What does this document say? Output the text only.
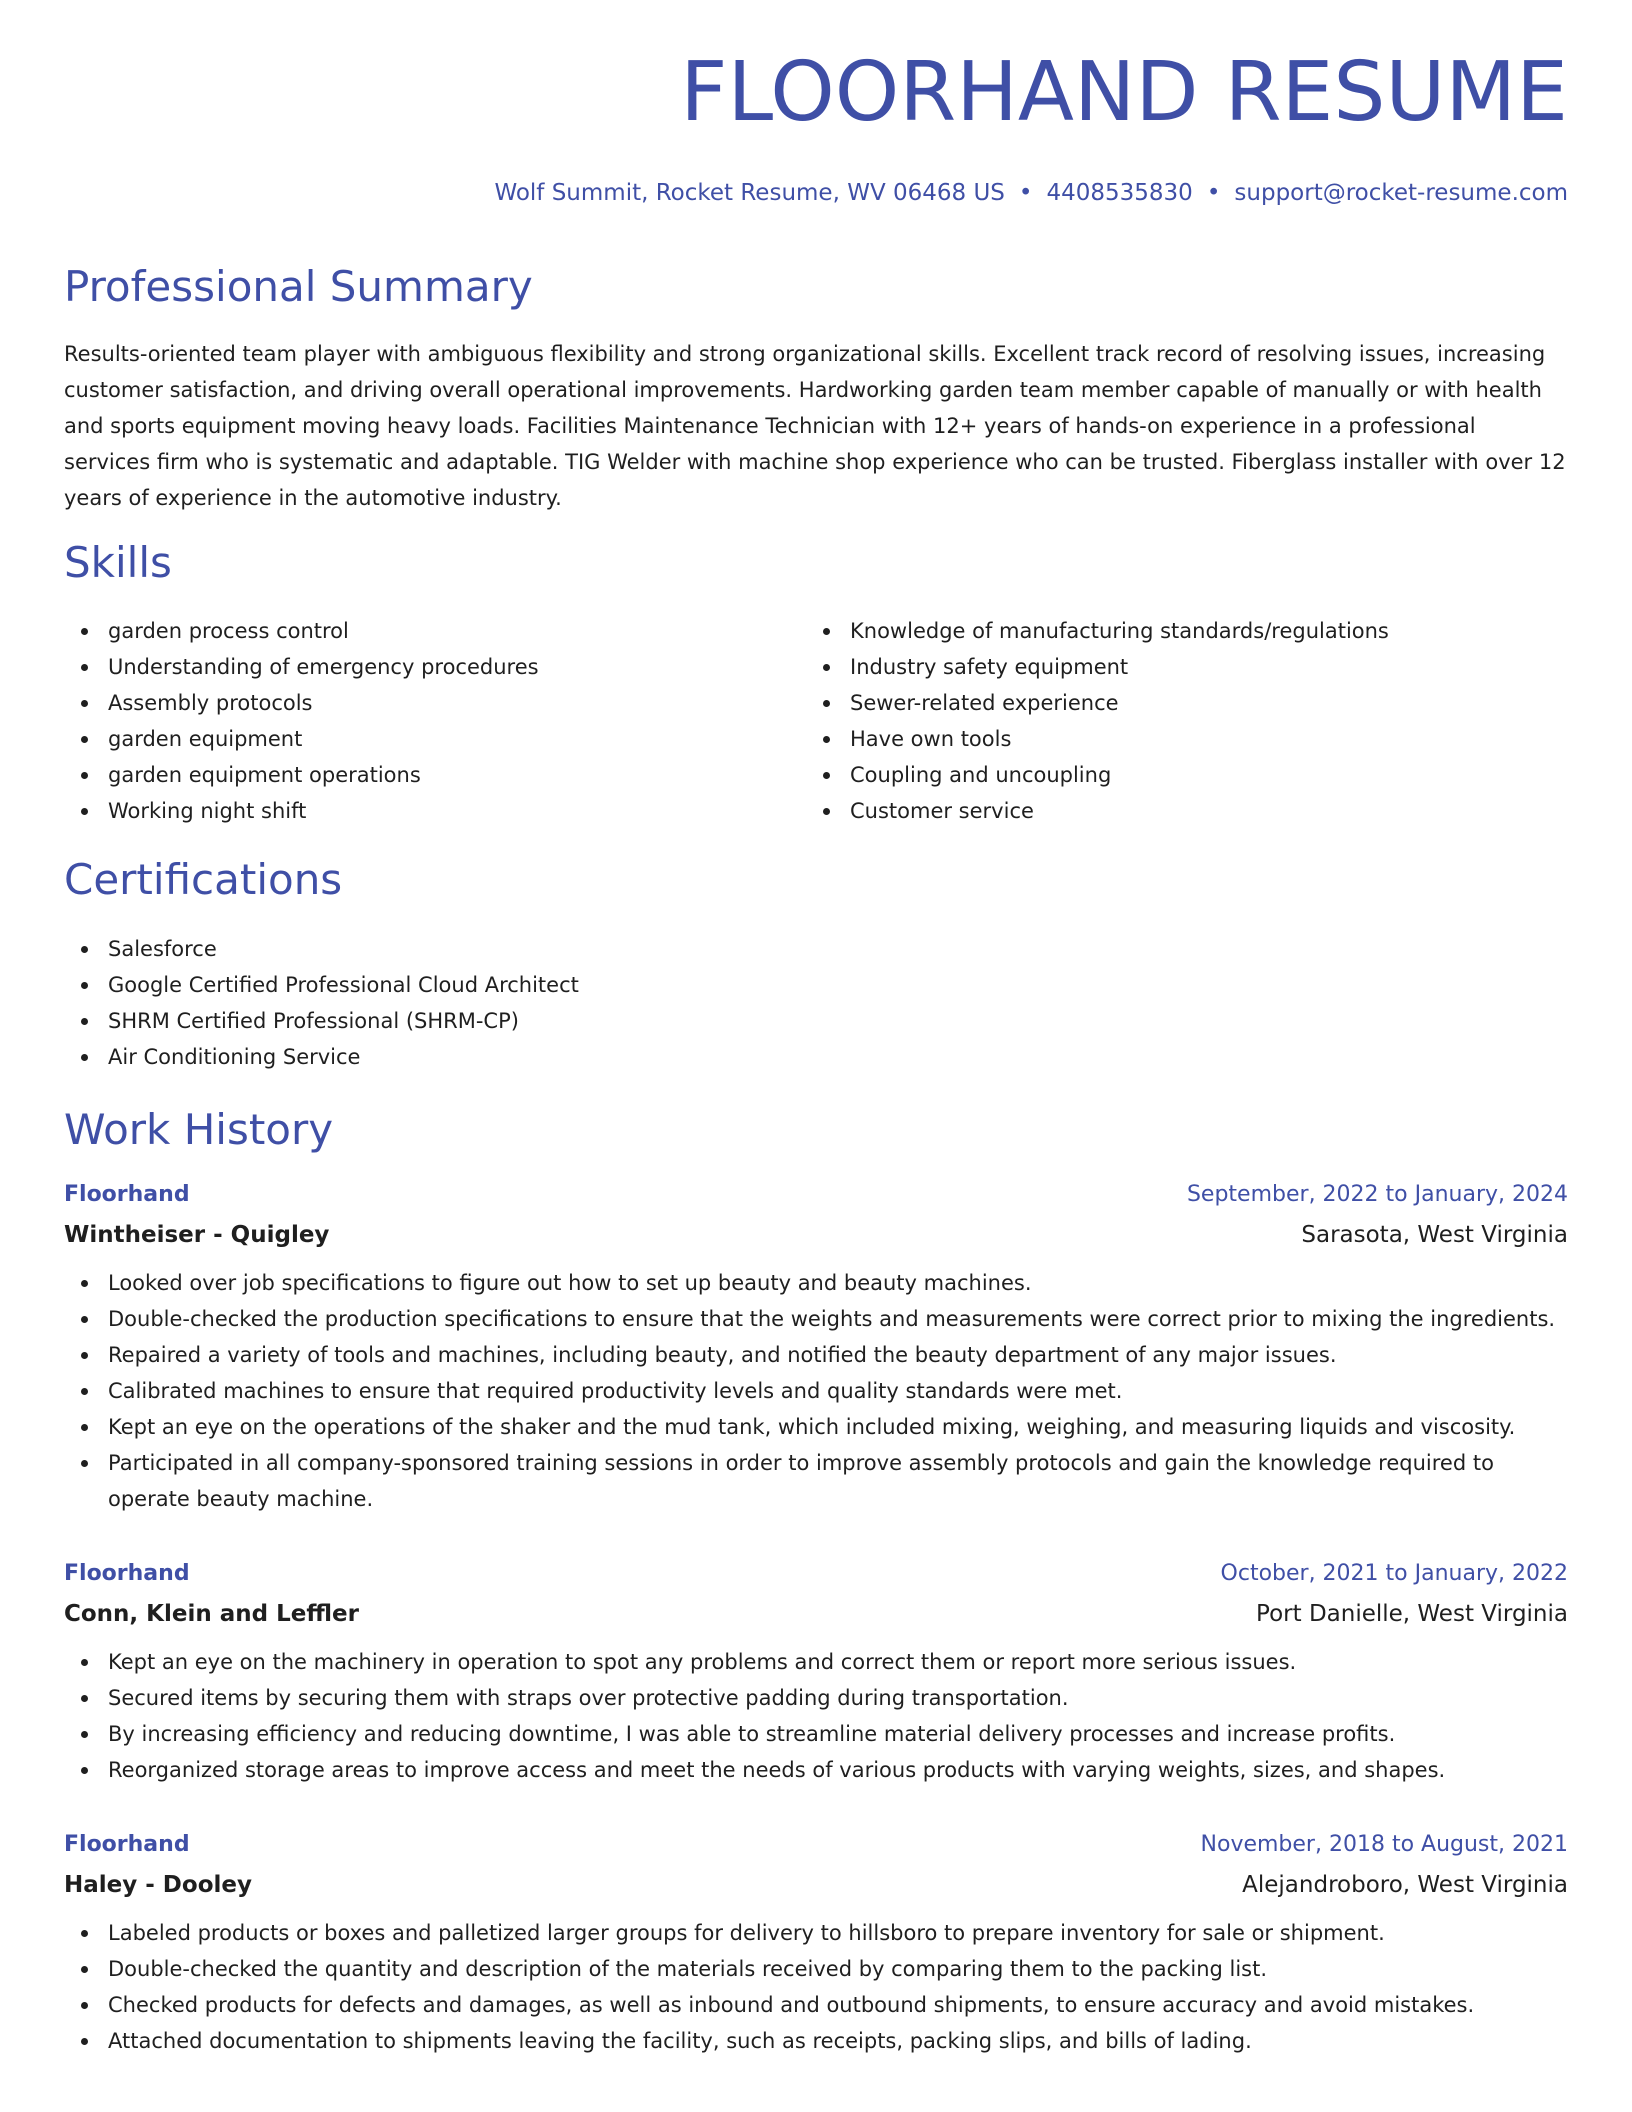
FLOORHAND RESUME
Wolf Summit, Rocket Resume, WV 06468 US • 4408535830 • support@rocket-resume.com
Professional Summary

Results-oriented team player with ambiguous flexibility and strong organizational skills. Excellent track record of resolving issues, increasing customer satisfaction, and driving overall operational improvements. Hardworking garden team member capable of manually or with health and sports equipment moving heavy loads. Facilities Maintenance Technician with 12+ years of hands-on experience in a professional services firm who is systematic and adaptable. TIG Welder with machine shop experience who can be trusted. Fiberglass installer with over 12 years of experience in the automotive industry.

Skills
garden process control
Understanding of emergency procedures
Assembly protocols
garden equipment
garden equipment operations
Working night shift
Knowledge of manufacturing standards/regulations
Industry safety equipment
Sewer-related experience
Have own tools
Coupling and uncoupling
Customer service
Certifications
Salesforce
Google Certified Professional Cloud Architect
SHRM Certified Professional (SHRM-CP)
Air Conditioning Service
Work History
Floorhand	September, 2022 to January, 2024
Wintheiser - Quigley	Sarasota, West Virginia
Looked over job specifications to figure out how to set up beauty and beauty machines.
Double-checked the production specifications to ensure that the weights and measurements were correct prior to mixing the ingredients.
Repaired a variety of tools and machines, including beauty, and notified the beauty department of any major issues.
Calibrated machines to ensure that required productivity levels and quality standards were met.
Kept an eye on the operations of the shaker and the mud tank, which included mixing, weighing, and measuring liquids and viscosity.
Participated in all company-sponsored training sessions in order to improve assembly protocols and gain the knowledge required to operate beauty machine.
Floorhand	October, 2021 to January, 2022
Conn, Klein and Leffler	Port Danielle, West Virginia
Kept an eye on the machinery in operation to spot any problems and correct them or report more serious issues.
Secured items by securing them with straps over protective padding during transportation.
By increasing efficiency and reducing downtime, I was able to streamline material delivery processes and increase profits.
Reorganized storage areas to improve access and meet the needs of various products with varying weights, sizes, and shapes.
Floorhand	November, 2018 to August, 2021
Haley - Dooley	Alejandroboro, West Virginia
Labeled products or boxes and palletized larger groups for delivery to hillsboro to prepare inventory for sale or shipment.
Double-checked the quantity and description of the materials received by comparing them to the packing list.
Checked products for defects and damages, as well as inbound and outbound shipments, to ensure accuracy and avoid mistakes.
Attached documentation to shipments leaving the facility, such as receipts, packing slips, and bills of lading.
